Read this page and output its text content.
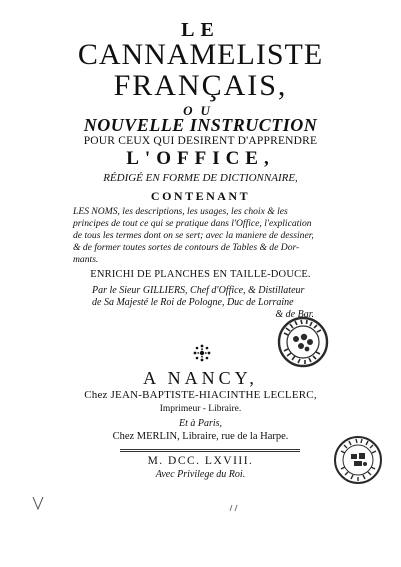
LE
CANNAMELISTE
FRANÇAIS,
OU
NOUVELLE INSTRUCTION
POUR CEUX QUI DESIRENT D'APPRENDRE
L'OFFICE,
RÉDIGÉ EN FORME DE DICTIONNAIRE,
CONTENANT
LES NOMS, les descriptions, les usages, les choix & les
principes de tout ce qui se pratique dans l'Office, l'explication
de tous les termes dont on se sert; avec la maniere de dessiner,
& de former toutes sortes de contours de Tables & de Dor-
mants.
ENRICHI DE PLANCHES EN TAILLE-DOUCE.
Par le Sieur GILLIERS, Chef d'Office, & Distillateur
de Sa Majesté le Roi de Pologne, Duc de Lorraine
& de Bar.
A NANCY,
Chez JEAN-BAPTISTE-HIACINTHE LECLERC,
Imprimeur - Libraire.
Et à Paris,
Chez MERLIN, Libraire, rue de la Harpe.
M. DCC. LXVIII.
Avec Privilege du Roi.
